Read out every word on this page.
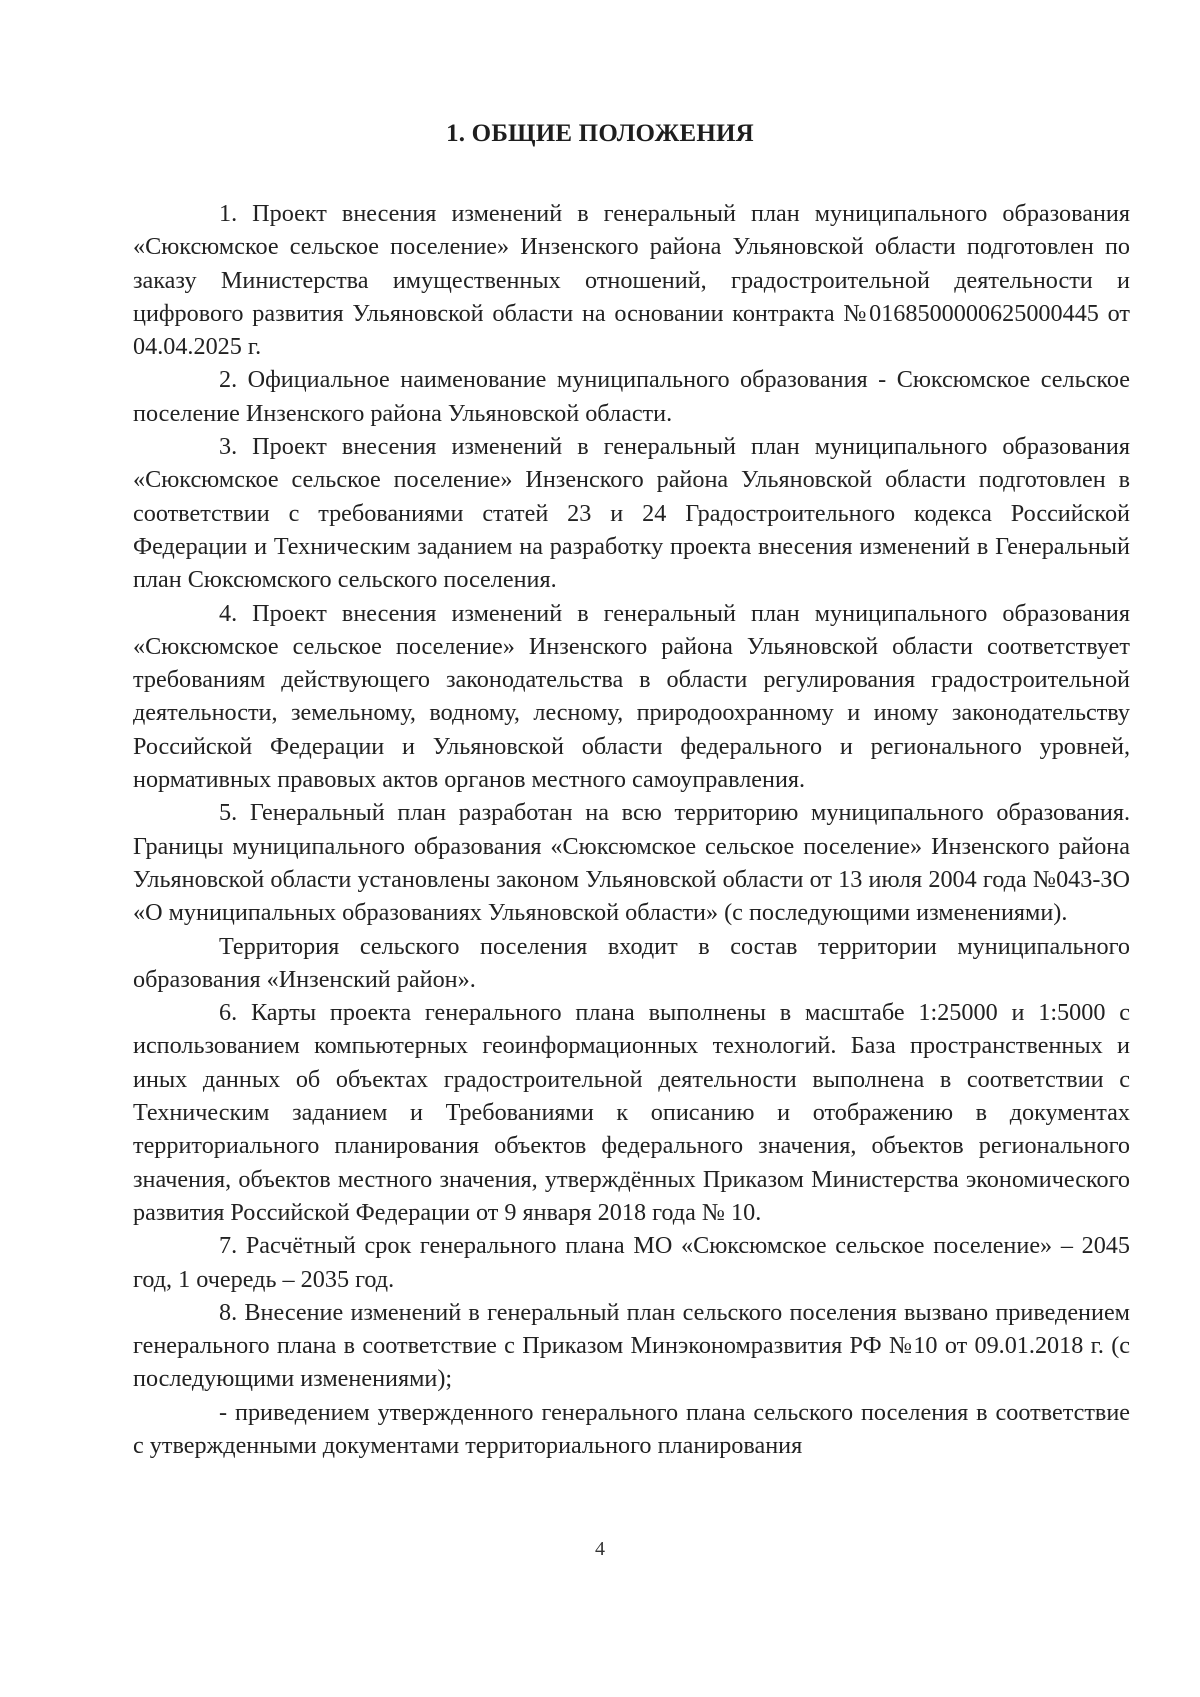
1. ОБЩИЕ ПОЛОЖЕНИЯ

1. Проект внесения изменений в генеральный план муниципального образования «Сюксюмское сельское поселение» Инзенского района Ульяновской области подготовлен по заказу Министерства имущественных отношений, градостроительной деятельности и цифрового развития Ульяновской области на основании контракта №0168500000625000445 от 04.04.2025 г.

2. Официальное наименование муниципального образования - Сюксюмское сельское поселение Инзенского района Ульяновской области.

3. Проект внесения изменений в генеральный план муниципального образования «Сюксюмское сельское поселение» Инзенского района Ульяновской области подготовлен в соответствии с требованиями статей 23 и 24 Градостроительного кодекса Российской Федерации и Техническим заданием на разработку проекта внесения изменений в Генеральный план Сюксюмского сельского поселения.

4. Проект внесения изменений в генеральный план муниципального образования «Сюксюмское сельское поселение» Инзенского района Ульяновской области соответствует требованиям действующего законодательства в области регулирования градостроительной деятельности, земельному, водному, лесному, природоохранному и иному законодательству Российской Федерации и Ульяновской области федерального и регионального уровней, нормативных правовых актов органов местного самоуправления.

5. Генеральный план разработан на всю территорию муниципального образования. Границы муниципального образования «Сюксюмское сельское поселение» Инзенского района Ульяновской области установлены законом Ульяновской области от 13 июля 2004 года №043-ЗО «О муниципальных образованиях Ульяновской области» (с последующими изменениями).

Территория сельского поселения входит в состав территории муниципального образования «Инзенский район».

6. Карты проекта генерального плана выполнены в масштабе 1:25000 и 1:5000 с использованием компьютерных геоинформационных технологий. База пространственных и иных данных об объектах градостроительной деятельности выполнена в соответствии с Техническим заданием и Требованиями к описанию и отображению в документах территориального планирования объектов федерального значения, объектов регионального значения, объектов местного значения, утверждённых Приказом Министерства экономического развития Российской Федерации от 9 января 2018 года № 10.

7. Расчётный срок генерального плана МО «Сюксюмское сельское поселение» – 2045 год, 1 очередь – 2035 год.

8. Внесение изменений в генеральный план сельского поселения вызвано приведением генерального плана в соответствие с Приказом Минэкономразвития РФ №10 от 09.01.2018 г. (с последующими изменениями);

- приведением утвержденного генерального плана сельского поселения в соответствие с утвержденными документами территориального планирования

4
